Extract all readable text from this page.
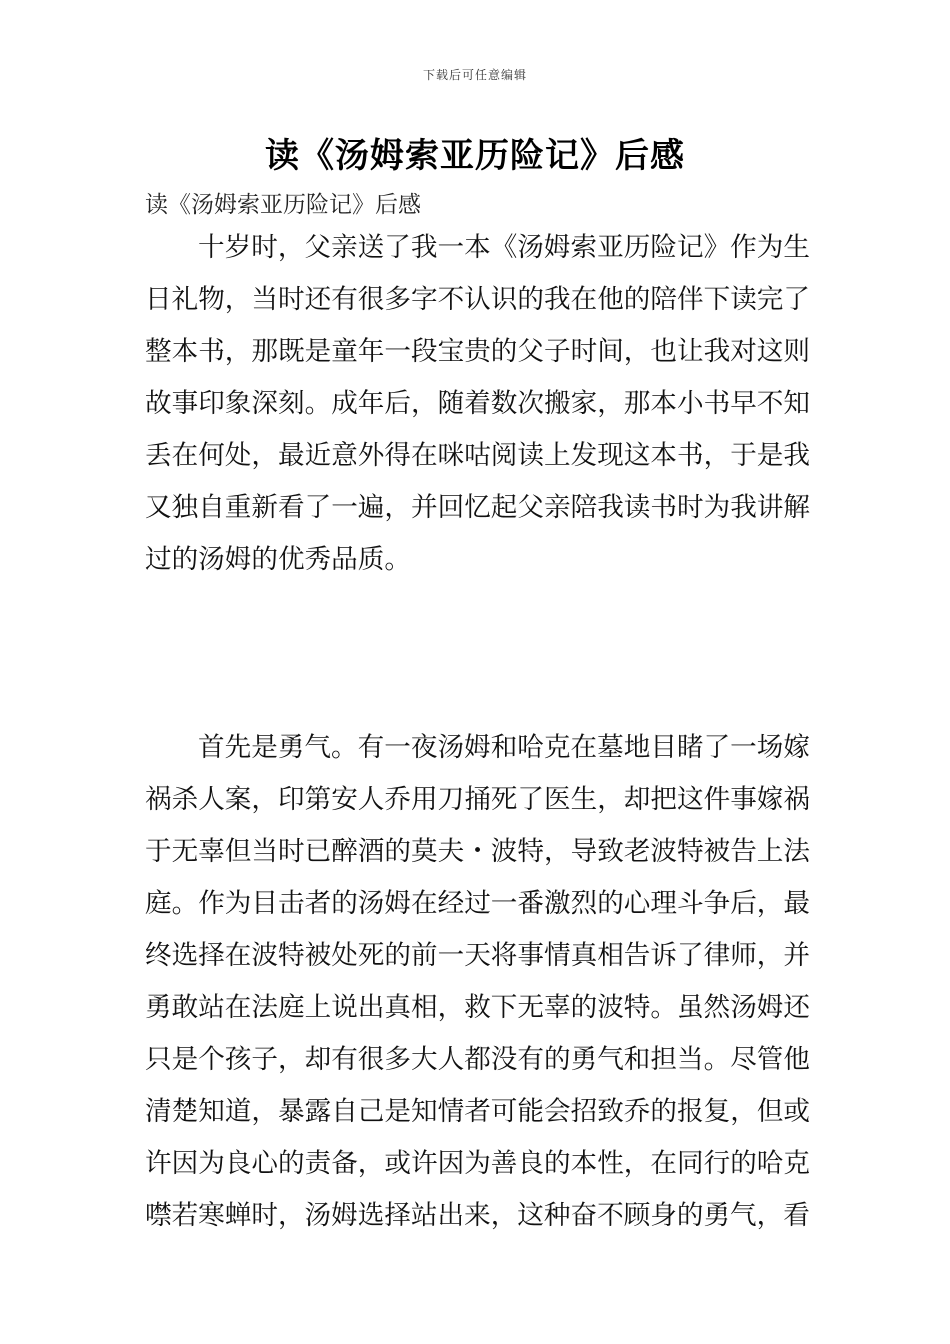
下载后可任意编辑
读《汤姆索亚历险记》后感
读《汤姆索亚历险记》后感

十岁时，父亲送了我一本《汤姆索亚历险记》作为生日礼物，当时还有很多字不认识的我在他的陪伴下读完了整本书，那既是童年一段宝贵的父子时间，也让我对这则故事印象深刻。成年后，随着数次搬家，那本小书早不知丢在何处，最近意外得在咪咕阅读上发现这本书，于是我又独自重新看了一遍，并回忆起父亲陪我读书时为我讲解过的汤姆的优秀品质。

首先是勇气。有一夜汤姆和哈克在墓地目睹了一场嫁祸杀人案，印第安人乔用刀捅死了医生，却把这件事嫁祸于无辜但当时已醉酒的莫夫・波特，导致老波特被告上法庭。作为目击者的汤姆在经过一番激烈的心理斗争后，最终选择在波特被处死的前一天将事情真相告诉了律师，并勇敢站在法庭上说出真相，救下无辜的波特。虽然汤姆还只是个孩子，却有很多大人都没有的勇气和担当。尽管他清楚知道，暴露自己是知情者可能会招致乔的报复，但或许因为良心的责备，或许因为善良的本性，在同行的哈克噤若寒蝉时，汤姆选择站出来，这种奋不顾身的勇气，看
